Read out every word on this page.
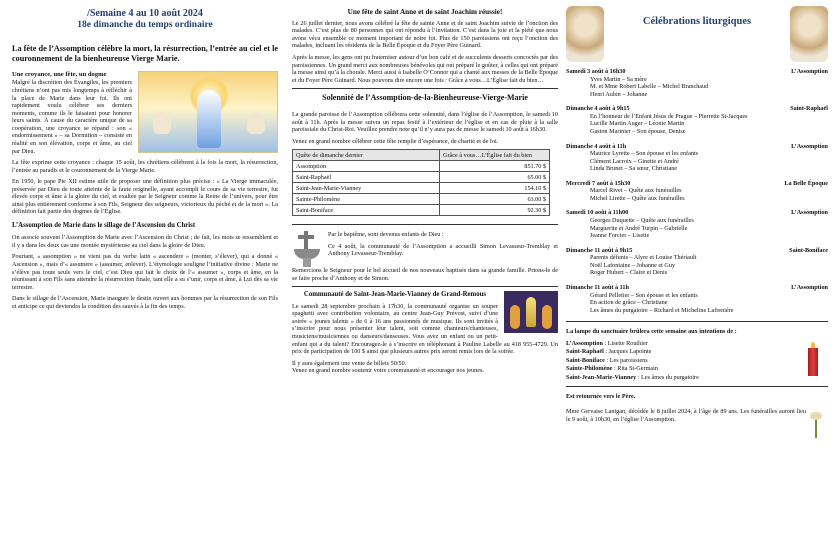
/Semaine 4 au 10 août 2024
18e dimanche du temps ordinaire
La fête de l’Assomption célèbre la mort, la résurrection, l’entrée au ciel et le couronnement de la bienheureuse Vierge Marie.
Une croyance, une fête, un dogme

Malgré la discrétion des Évangiles, les premiers chrétiens n’ont pas mis longtemps à réfléchir à la place de Marie dans leur foi. Ils ont rapidement voulu célébrer ses derniers moments, comme ils le faisaient pour honorer leurs saints. À cause du caractère unique de sa coopération, une croyance se répand : son « endormissement » – sa Dormition – consiste en réalité en son élévation, corps et âme, au ciel par Dieu.

La fête exprime cette croyance : chaque 15 août, les chrétiens célèbrent à la fois la mort, la résurrection, l’entrée au paradis et le couronnement de la Vierge Marie.

En 1950, le pape Pie XII estime utile de proposer une définition plus précise : « La Vierge immaculée, préservée par Dieu de toute atteinte de la faute originelle, ayant accompli le cours de sa vie terrestre, fut élevée corps et âme à la gloire du ciel, et exaltée par le Seigneur comme la Reine de l’univers, pour être ainsi plus entièrement conforme à son Fils, Seigneur des seigneurs, victorieux du péché et de la mort ». La définition fait partie des dogmes de l’Église.

L’Assomption de Marie dans le sillage de l’Ascension du Christ

On associe souvent l’Assomption de Marie avec l’Ascension du Christ ; de fait, les mots se ressemblent et il y a dans les deux cas une montée mystérieuse au ciel dans la gloire de Dieu.

Pourtant, « assomption » ne vient pas du verbe latin « ascendere » (monter, s’élever), qui a donné « Ascension », mais d’« assumere » (assumer, enlever). L’étymologie souligne l’initiative divine : Marie ne s’élève pas toute seule vers le ciel, c’est Dieu qui fait le choix de l’« assumer », corps et âme, en la réunissant à son Fils sans attendre la résurrection finale, tant elle a su s’unir, corps et âme, à Lui dès sa vie terrestre.

Dans le sillage de l’Ascension, Marie inaugure le destin ouvert aux hommes par la résurrection de son Fils et anticipe ce qui deviendra la condition des sauvés à la fin des temps.

Une fête de saint Anne et de saint Joachim réussie!

Le 26 juillet dernier, nous avons célébré la fête de sainte Anne et de saint Joachim suivie de l’onction des malades. C’est plus de 80 personnes qui ont répondu à l’invitation. C’est dans la joie et la piété que nous avons vécu ensemble ce moment important de notre foi. Plus de 150 paroissiens ont reçu l’onction des malades, incluant les résidents de la Belle Époque et du Foyer Père Guinard.

Après la messe, les gens ont pu fraterniser autour d’un bon café et de succulents desserts concoctés par des paroissiennes. Un grand merci aux nombreuses bénévoles qui ont préparé le goûter, à celles qui ont préparé la messe ainsi qu’à la chorale. Merci aussi à Isabelle O’Connor qui a chanté aux messes de la Belle Époque et du Foyer Père Guinard. Nous pouvons dire encore une fois : Grâce à vous…L’Église fait du bien…

Solennité de l’Assomption-de-la-Bienheureuse-Vierge-Marie

La grande paroisse de l’Assomption célébrera cette solennité, dans l’église de l’Assomption, le samedi 10 août à 11h. Après la messe suivra un repas festif à l’extérieur de l’église et en cas de pluie à la salle paroissiale du Christ-Roi. Veuillez prendre note qu’il n’y aura pas de messe le samedi 10 août à 16h30.

Venez en grand nombre célébrer cette fête remplie d’espérance, de charité et de foi.

Quête de dimanche dernier	Grâce à vous…L’Église fait du bien
Assomption	851.70 $
Saint-Raphaël	65.00 $
Saint-Jean-Marie-Vianney	154.10 $
Sainte-Philomène	63.00 $
Saint-Boniface	92.30 $

Par le baptême, sont devenus enfants de Dieu :

Ce 4 août, la communauté de l’Assomption a accueilli Simon Levasseur-Tremblay et Anthony Levasseur-Tremblay.

Remercions le Seigneur pour le bel accueil de nos nouveaux baptisés dans sa grande famille. Prions-le de se faire proche d’Anthony et de Simon.

Communauté de Saint-Jean-Marie-Vianney de Grand-Remous

Le samedi 28 septembre prochain à 17h30, la communauté organise un souper spaghetti avec contribution volontaire, au centre Jean-Guy Prévost, suivi d’une soirée « jeunes talents » de 6 à 16 ans passionnés de musique. Ils sont invités à s’inscrire pour nous présenter leur talent, soit comme chanteurs/chanteuses, musiciens/musiciennes ou danseurs/danseuses. Vous avez un enfant ou un petit-enfant qui a du talent? Encouragez-le à s’inscrire en téléphonant à Pauline Labelle au 418 955-4729. Un prix de participation de 100 $ ainsi que plusieurs autres prix seront remis lors de la soirée.

Il y aura également une vente de billets 50/50.

Venez en grand nombre soutenir votre communauté et encourager nos jeunes.

Célébrations liturgiques
Samedi 3 août à 16h30	L’Assomption
Yves Martin – Sa mère
M. et Mme Robert Labelle – Michel Branchaud
Henri Aubin – Johanne
Dimanche 4 août à 9h15	Saint-Raphaël
En l’honneur de l’Enfant Jésus de Prague – Pierrette St-Jacques
Lucille Martin Auger – Léonie Martin
Gaston Marinier – Son épouse, Denise
Dimanche 4 août à 11h	L’Assomption
Maurice Lyrette – Son épouse et les enfants
Clément Lacroix – Ginette et André
Linda Brunet – Sa sœur, Christiane
Mercredi 7 août à 15h30	La Belle Époque
Marcel Rivet – Quête aux funérailles
Michel Lirette – Quête aux funérailles
Samedi 10 août à 11h00	L’Assomption
Georges Duquette – Quête aux funérailles
Marguerite et André Turpin – Gabrielle
Jeanne Forcier – Lisette
Dimanche 11 août à 9h15	Saint-Boniface
Parents défunts – Alyre et Louise Thériault
Noël Lafontaine – Johanne et Guy
Roger Hubert – Claire et Denis
Dimanche 11 août à 11h	L’Assomption
Gérard Pelletier – Son épouse et les enfants
En action de grâce – Christiane
Les âmes du purgatoire – Richard et Micheline Lafrenière
La lampe du sanctuaire brûlera cette semaine aux intentions de :
L’Assomption : Lisette Routhier
Saint-Raphaël : Jacques Lapointe
Saint-Boniface : Les paroissiens
Sainte-Philomène : Rita St-Germain
Saint-Jean-Marie-Vianney : Les âmes du purgatoire
Est retournée vers le Père.

Mme Gervaise Lanigan, décédée le 8 juillet 2024, à l’âge de 89 ans. Les funérailles auront lieu le 9 août, à 10h30, en l’église l’Assomption.
